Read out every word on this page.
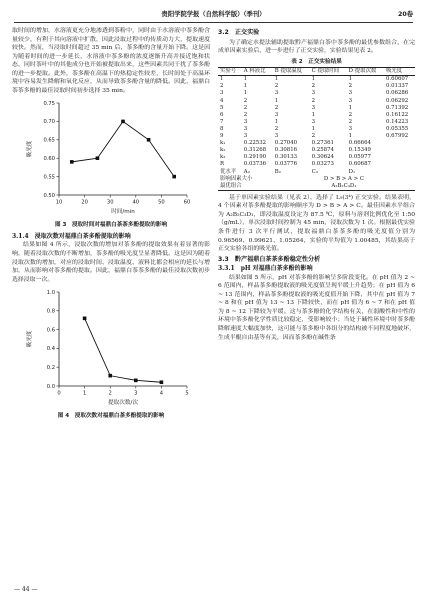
贵阳学院学报（自然科学版）（季刊）	20卷

取时间的增加，水溶液更充分地渗透到茶粉中，同时由于水溶液中茶多酚含量较少，有利于其向溶液中扩散，因此浸取过程中的传质动力大，提取速度较快。然而，当浸取时间超过 35 min 后，茶多酚的含量开始下降。这是因为随着时间的进一步延长，水溶液中茶多酚的浓度逐渐升高并接近饱和状态，同时茶叶中的其他成分也开始被提取出来，这些因素共同干扰了茶多酚的进一步提取。此外，茶多酚在高温下的热稳定性较差，长时间处于高温环境中容易发生降解和氧化反应，从而导致茶多酚含量的降低。因此，福鼎白茶茶多酚的最佳浸取时间初步选择 35 min。

0.50
0.55
0.60
0.65
0.70
0.75
10	20	30	40	50	60
时间/min
吸光度
图 3　浸取时间对福鼎白茶茶多酚提取的影响
3.1.4　浸取次数对福鼎白茶多酚提取的影响

结果如图 4 所示，浸取次数的增加对茶多酚的提取效果有着显著的影响，随着浸取次数的不断增加，茶多酚的吸光度呈显著降低。这是因为随着浸取次数的增加，对应的浸取时间、浸取温度、液料比都会相应的延长与增加，从而影响对茶多酚的提取。因此，福鼎白茶茶多酚的最佳浸取次数初步选择浸取一次。

0.0
0.2
0.4
0.6
0.8
1.0
0	1	2	3	4	5
提取次数/次
吸光度
图 4　浸取次数对福鼎白茶多酚提取的影响
3.2　正交实验

为了确定水提法辅助提取黔产福鼎白茶中茶多酚的最优参数组合，在完成单因素实验后，进一步进行了正交实验，实验结果见表 2。

表 2　正交实验结果
实验号	A 料液比	B 提取温度	C 提取时间	D 提取次数	吸光度
1	1	1	1	1	0.60607
2	1	2	2	2	0.01337
3	1	3	3	3	0.06286
4	2	1	2	3	0.06292
5	2	2	3	1	0.71392
6	2	3	1	2	0.16122
7	3	1	3	2	0.14223
8	3	2	1	3	0.05355
9	3	3	2	1	0.67992
k₁	0.22532	0.27040	0.27361	0.66664	
k₂	0.31268	0.30816	0.25874	0.15349	
k₃	0.29190	0.30133	0.30624	0.05977	
R	0.03736	0.03776	0.03273	0.60687	
优水平	A₂	B₂	C₃	D₁	
影响因素大小		D > B > A > C			
最优组合		A₂B₂C₃D₁			

基于单因素实验结果（见表 2），选择了 L₉(3⁴) 正交实验。结果表明，4 个因素对茶多酚提取的影响顺序为 D > B > A > C。最佳因素水平组合为 A₂B₂C₃D₁，即浸取温度设定为 87.5 ℃，原料与溶剂比例优化至 1:50（g/mL），单次浸取时间控制为 45 min，浸取次数为 1 次。根据最优实验条件进行 3 次平行测试，提取福鼎白茶茶多酚的吸光度值分别为 0.96569、0.99621、1.05264，实验的平均值为 1.00485，其结果高于正交实验各组的吸光值。

3.3　黔产福鼎白茶茶多酚稳定性分析
3.3.1　pH 对福鼎白茶多酚的影响

结果如图 5 所示，pH 对茶多酚的影响呈多阶段变化。在 pH 值为 2 ~ 6 范围内，样品茶多酚提取液的吸光度值呈现平缓上升趋势；在 pH 值为 6 ~ 13 范围内，样品茶多酚提取液的吸光度值开始下降，其中在 pH 值为 7 ~ 8 和在 pH 值为 13 ~ 13 下降较快，而在 pH 值为 6 ~ 7 和在 pH 值为 8 ~ 12 下降较为平缓。这与茶多酚的化学结构有关，在弱酸性和中性的环境中茶多酚化学性质比较稳定，受影响较小；当处于碱性环境中时茶多酚降解速度大幅度加快，这可能与茶多酚中各组分的结构被不同程度地破坏，生成半醌自由基等有关，因而茶多酚在碱性条

— 44 —
